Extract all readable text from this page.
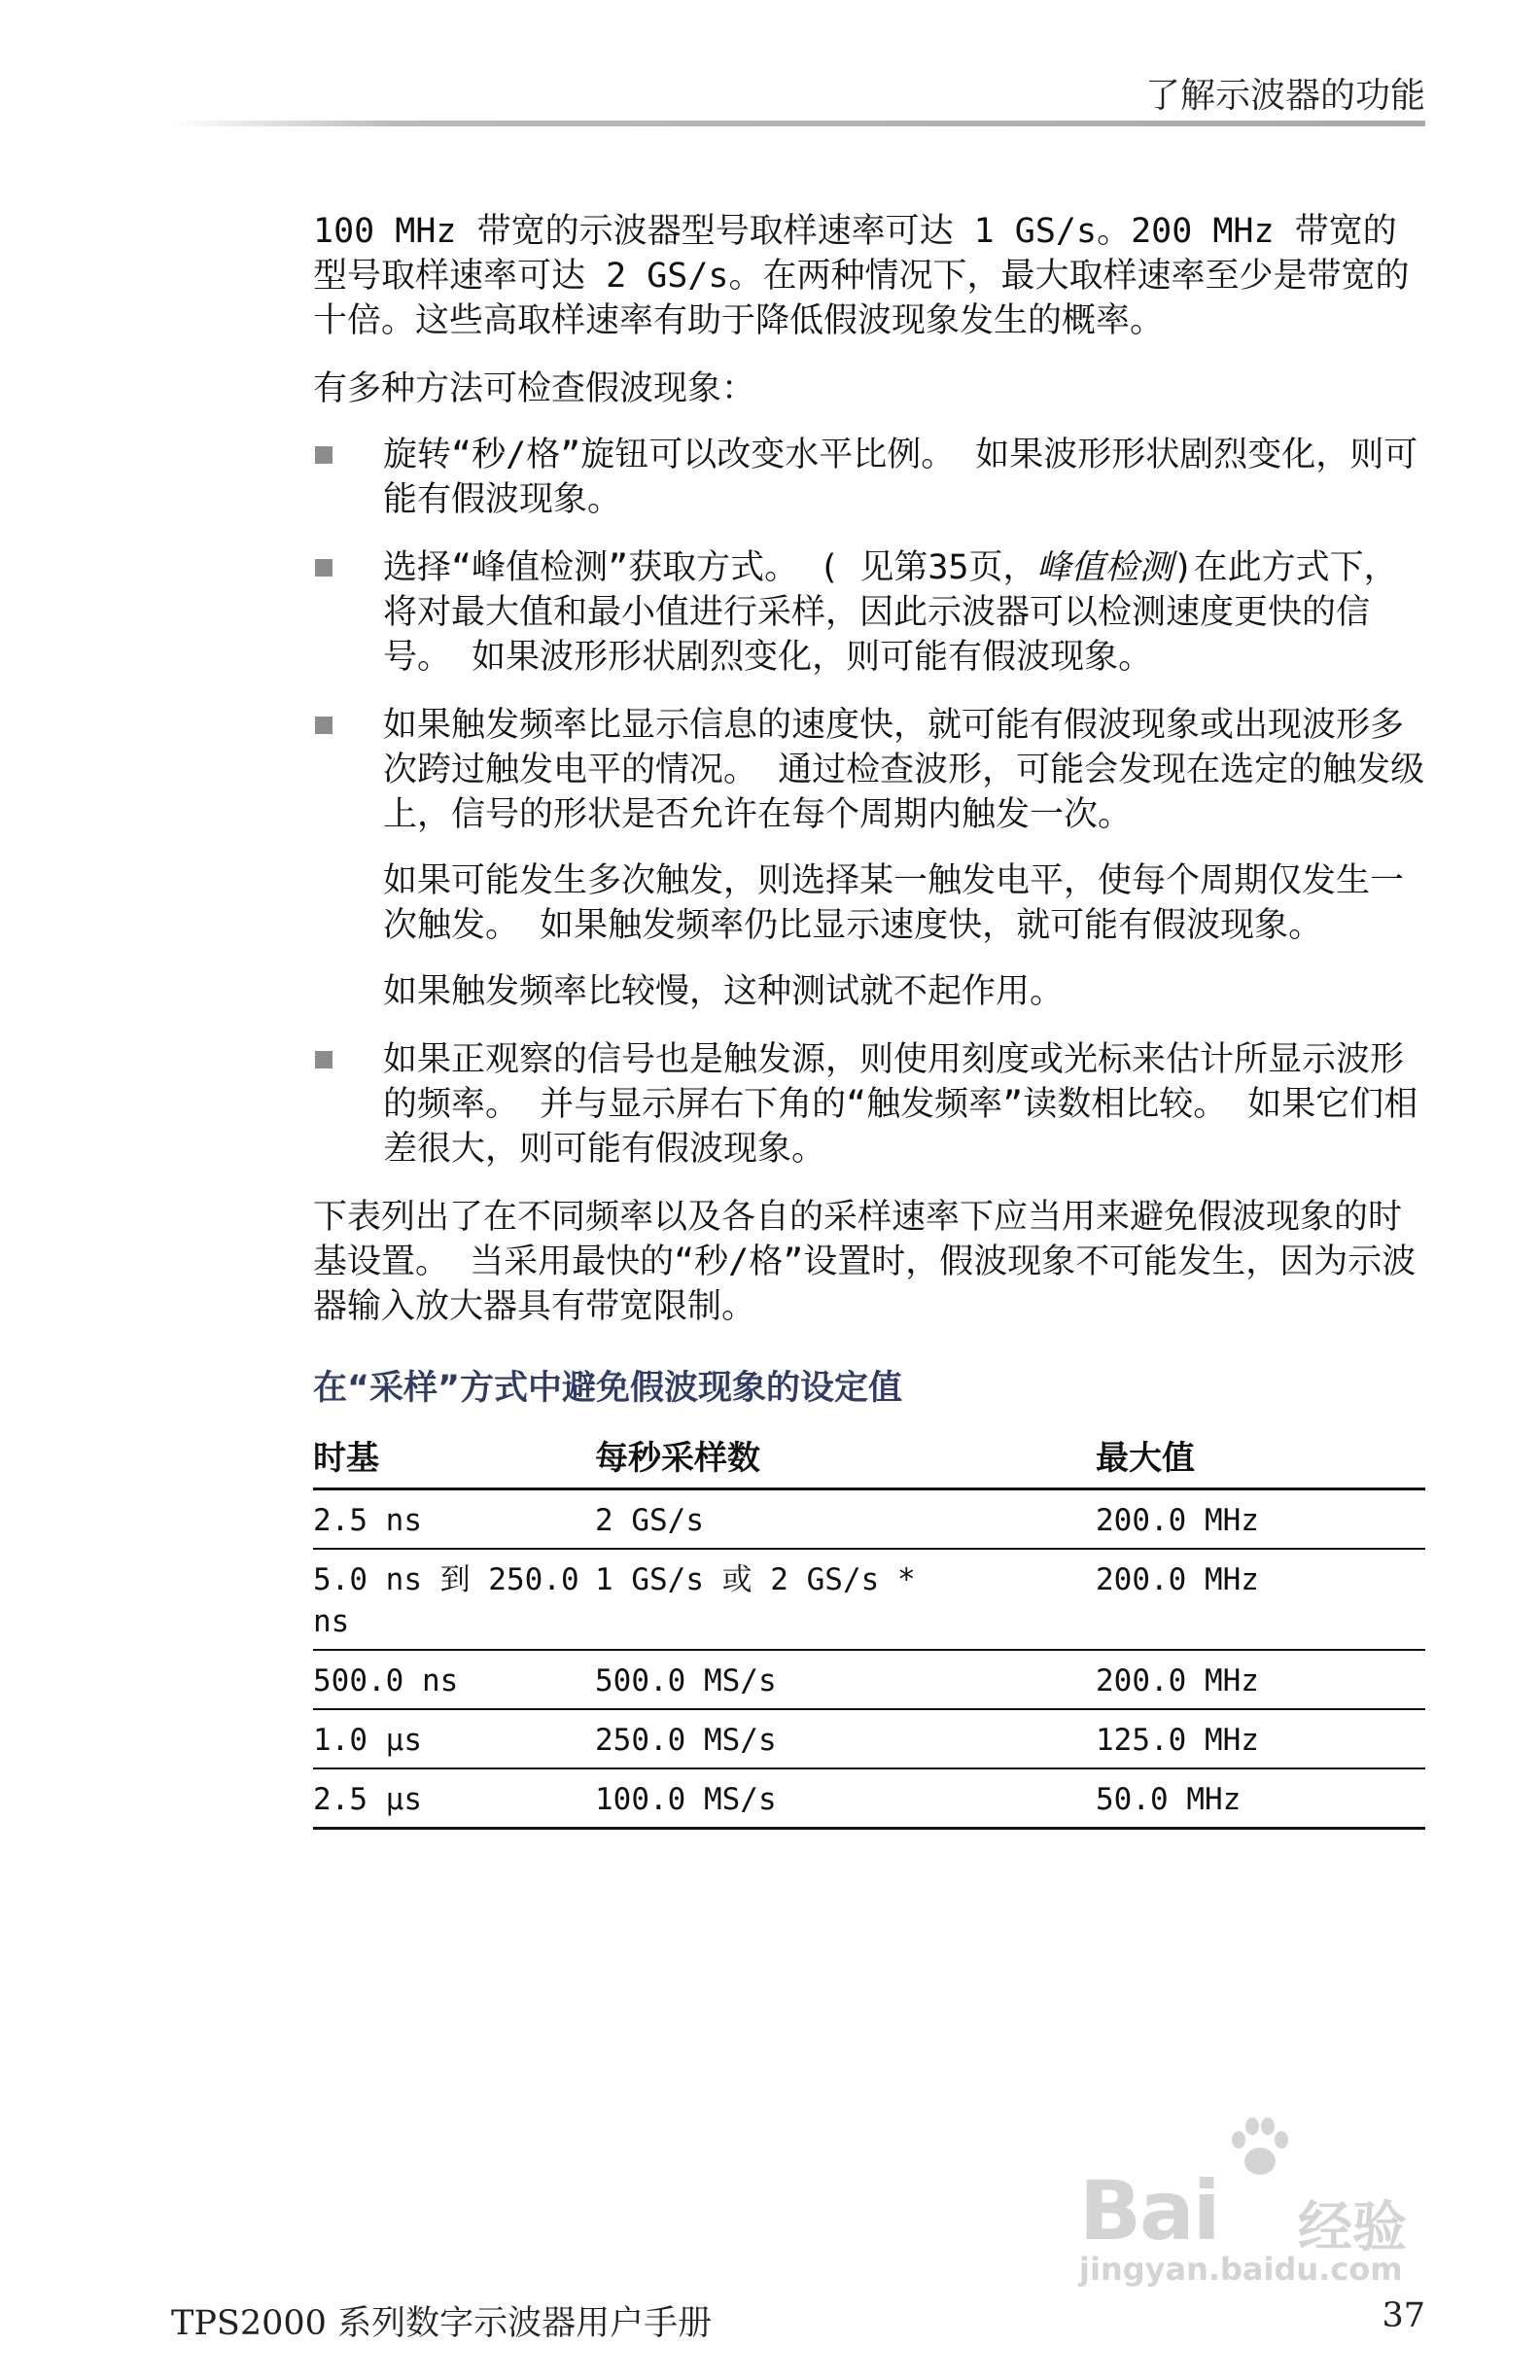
了解示波器的功能

100 MHz 带宽的示波器型号取样速率可达 1 GS/s。200 MHz 带宽的型号取样速率可达 2 GS/s。在两种情况下，最大取样速率至少是带宽的十倍。这些高取样速率有助于降低假波现象发生的概率。

有多种方法可检查假波现象：

旋转“秒/格”旋钮可以改变水平比例。 如果波形形状剧烈变化，则可能有假波现象。
选择“峰值检测”获取方式。 ( 见第35页，峰值检测)在此方式下，将对最大值和最小值进行采样，因此示波器可以检测速度更快的信号。 如果波形形状剧烈变化，则可能有假波现象。
如果触发频率比显示信息的速度快，就可能有假波现象或出现波形多次跨过触发电平的情况。 通过检查波形，可能会发现在选定的触发级上，信号的形状是否允许在每个周期内触发一次。

如果可能发生多次触发，则选择某一触发电平，使每个周期仅发生一次触发。 如果触发频率仍比显示速度快，就可能有假波现象。

如果触发频率比较慢，这种测试就不起作用。

如果正观察的信号也是触发源，则使用刻度或光标来估计所显示波形的频率。 并与显示屏右下角的“触发频率”读数相比较。 如果它们相差很大，则可能有假波现象。

下表列出了在不同频率以及各自的采样速率下应当用来避免假波现象的时基设置。 当采用最快的“秒/格”设置时，假波现象不可能发生，因为示波器输入放大器具有带宽限制。

在“采样”方式中避免假波现象的设定值
时基	每秒采样数	最大值
2.5 ns	2 GS/s	200.0 MHz
5.0 ns 到 250.0 ns	1 GS/s 或 2 GS/s *	200.0 MHz
500.0 ns	500.0 MS/s	200.0 MHz
1.0 μs	250.0 MS/s	125.0 MHz
2.5 μs	100.0 MS/s	50.0 MHz
Bai 经验
jingyan.baidu.com
TPS2000 系列数字示波器用户手册	37
